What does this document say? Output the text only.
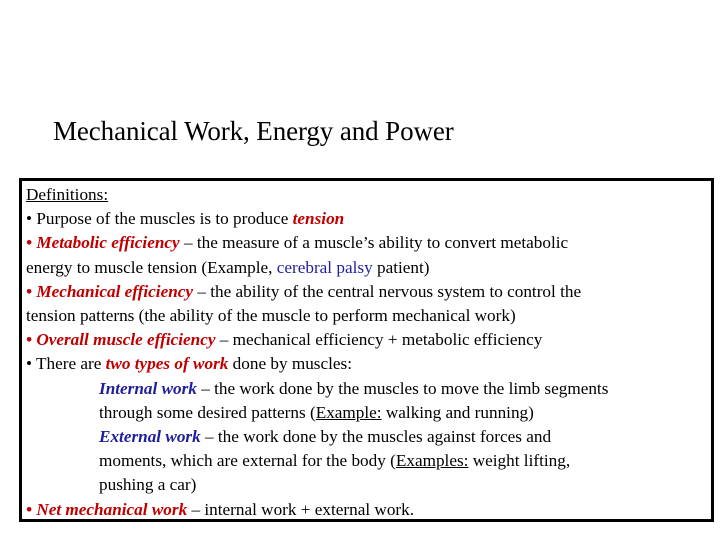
Mechanical Work, Energy and Power
Definitions:
• Purpose of the muscles is to produce tension
• Metabolic efficiency – the measure of a muscle’s ability to convert metabolic
energy to muscle tension (Example, cerebral palsy patient)
• Mechanical efficiency – the ability of the central nervous system to control the
tension patterns (the ability of the muscle to perform mechanical work)
• Overall muscle efficiency – mechanical efficiency + metabolic efficiency
• There are two types of work done by muscles:
Internal work – the work done by the muscles to move the limb segments
through some desired patterns (Example: walking and running)
External work – the work done by the muscles against forces and
moments, which are external for the body (Examples: weight lifting,
pushing a car)
• Net mechanical work – internal work + external work.
